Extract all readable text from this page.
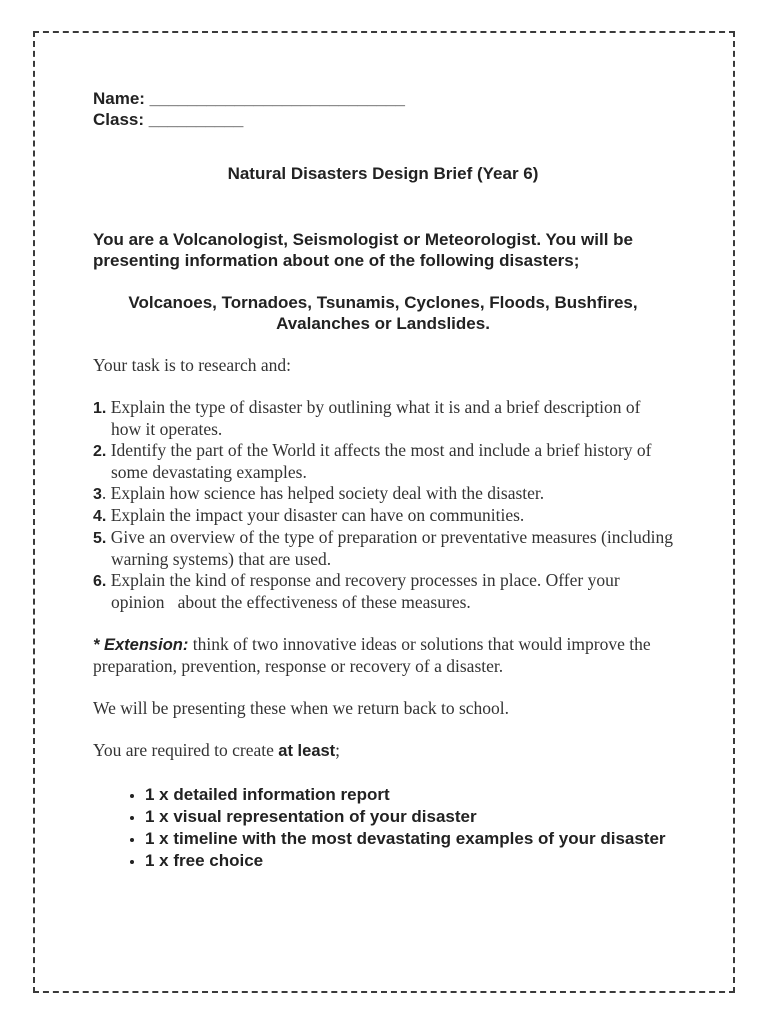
Name: ___________________________

Class: __________

Natural Disasters Design Brief (Year 6)

You are a Volcanologist, Seismologist or Meteorologist. You will be presenting information about one of the following disasters;

Volcanoes, Tornadoes, Tsunamis, Cyclones, Floods, Bushfires, Avalanches or Landslides.

Your task is to research and:

1. Explain the type of disaster by outlining what it is and a brief description of how it operates.
2. Identify the part of the World it affects the most and include a brief history of some devastating examples.
3. Explain how science has helped society deal with the disaster.
4. Explain the impact your disaster can have on communities.
5. Give an overview of the type of preparation or preventative measures (including warning systems) that are used.
6. Explain the kind of response and recovery processes in place. Offer your opinion   about the effectiveness of these measures.

* Extension: think of two innovative ideas or solutions that would improve the preparation, prevention, response or recovery of a disaster.

We will be presenting these when we return back to school.

You are required to create at least;

• 1 x detailed information report
• 1 x visual representation of your disaster
• 1 x timeline with the most devastating examples of your disaster
• 1 x free choice
